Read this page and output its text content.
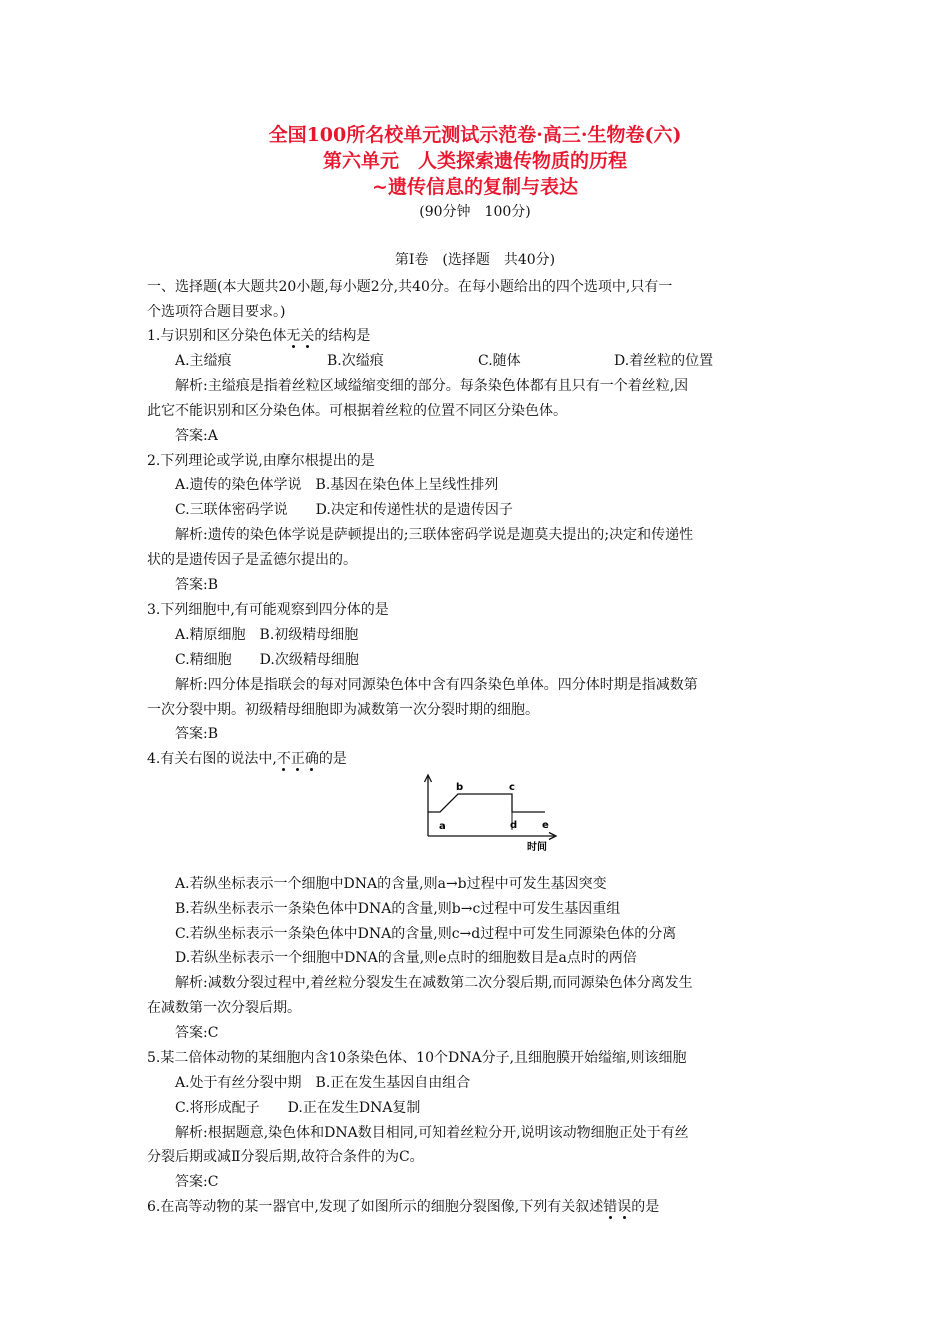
全国100所名校单元测试示范卷·高三·生物卷(六)
第六单元　人类探索遗传物质的历程
~遗传信息的复制与表达
(90分钟　100分)
第Ⅰ卷　(选择题　共40分)
一、选择题(本大题共20小题,每小题2分,共40分。在每小题给出的四个选项中,只有一
个选项符合题目要求。)
1.与识别和区分染色体无关的结构是
A.主缢痕	B.次缢痕	C.随体	D.着丝粒的位置
解析:主缢痕是指着丝粒区域缢缩变细的部分。每条染色体都有且只有一个着丝粒,因
此它不能识别和区分染色体。可根据着丝粒的位置不同区分染色体。
答案:A
2.下列理论或学说,由摩尔根提出的是
A.遗传的染色体学说　B.基因在染色体上呈线性排列
C.三联体密码学说　　D.决定和传递性状的是遗传因子
解析:遗传的染色体学说是萨顿提出的;三联体密码学说是迦莫夫提出的;决定和传递性
状的是遗传因子是孟德尔提出的。
答案:B
3.下列细胞中,有可能观察到四分体的是
A.精原细胞　B.初级精母细胞
C.精细胞　　D.次级精母细胞
解析:四分体是指联会的每对同源染色体中含有四条染色单体。四分体时期是指减数第
一次分裂中期。初级精母细胞即为减数第一次分裂时期的细胞。
答案:B
4.有关右图的说法中,不正确的是
a
b	c
d e
时间
A.若纵坐标表示一个细胞中DNA的含量,则a→b过程中可发生基因突变
B.若纵坐标表示一条染色体中DNA的含量,则b→c过程中可发生基因重组
C.若纵坐标表示一条染色体中DNA的含量,则c→d过程中可发生同源染色体的分离
D.若纵坐标表示一个细胞中DNA的含量,则e点时的细胞数目是a点时的两倍
解析:减数分裂过程中,着丝粒分裂发生在减数第二次分裂后期,而同源染色体分离发生
在减数第一次分裂后期。
答案:C
5.某二倍体动物的某细胞内含10条染色体、10个DNA分子,且细胞膜开始缢缩,则该细胞
A.处于有丝分裂中期　B.正在发生基因自由组合
C.将形成配子　　D.正在发生DNA复制
解析:根据题意,染色体和DNA数目相同,可知着丝粒分开,说明该动物细胞正处于有丝
分裂后期或减Ⅱ分裂后期,故符合条件的为C。
答案:C
6.在高等动物的某一器官中,发现了如图所示的细胞分裂图像,下列有关叙述错误的是
